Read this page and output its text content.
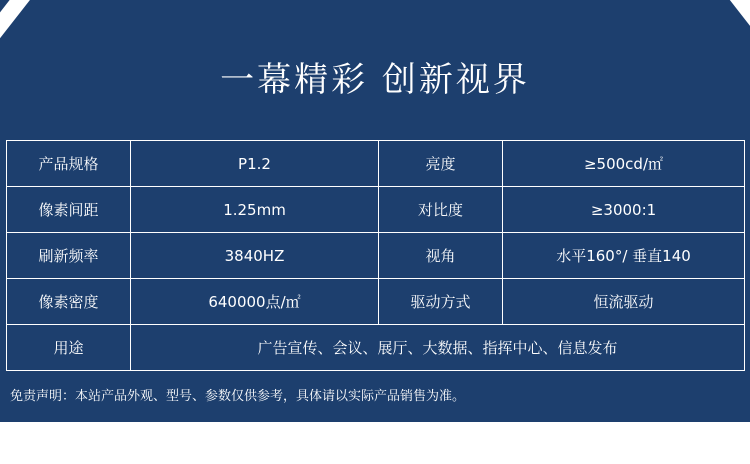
一幕精彩 创新视界
产品规格	P1.2	亮度	≥500cd/㎡
像素间距	1.25mm	对比度	≥3000:1
刷新频率	3840HZ	视角	水平160°/ 垂直140
像素密度	640000点/㎡	驱动方式	恒流驱动
用途	广告宣传、会议、展厅、大数据、指挥中心、信息发布		
免责声明：本站产品外观、型号、参数仅供参考，具体请以实际产品销售为准。
